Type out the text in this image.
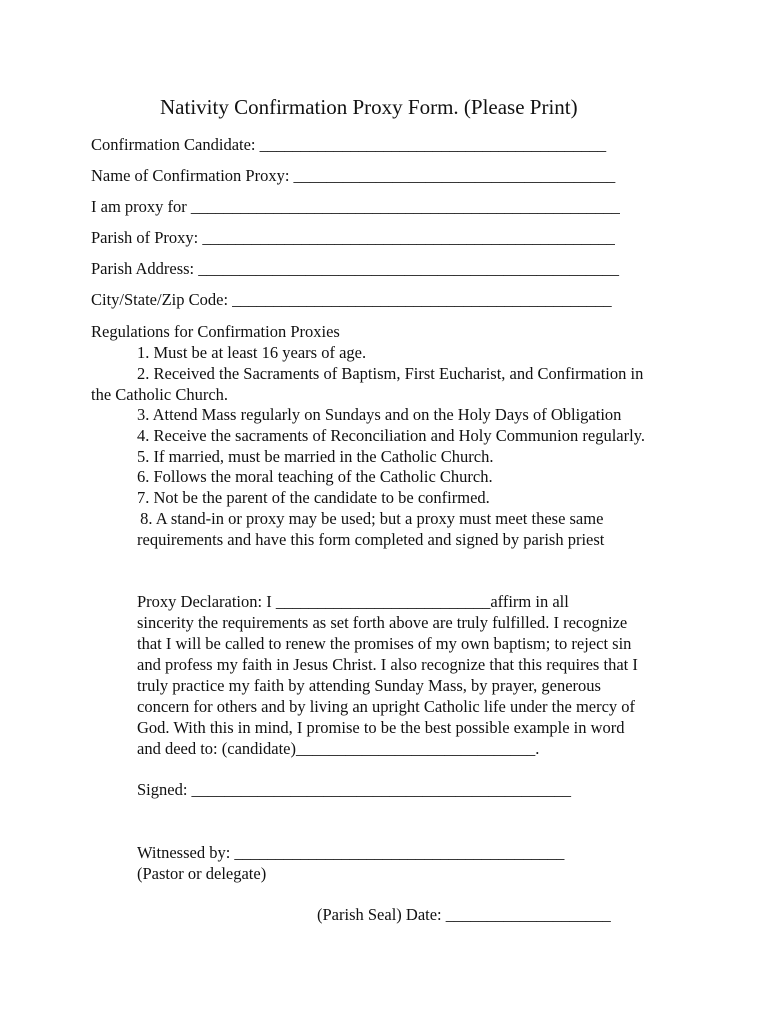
Nativity Confirmation Proxy Form. (Please Print)
Confirmation Candidate: __________________________________________
Name of Confirmation Proxy: _______________________________________
I am proxy for ____________________________________________________
Parish of Proxy: __________________________________________________
Parish Address: ___________________________________________________
City/State/Zip Code: ______________________________________________
Regulations for Confirmation Proxies
1. Must be at least 16 years of age.
2. Received the Sacraments of Baptism, First Eucharist, and Confirmation in
the Catholic Church.
3. Attend Mass regularly on Sundays and on the Holy Days of Obligation
4. Receive the sacraments of Reconciliation and Holy Communion regularly.
5. If married, must be married in the Catholic Church.
6. Follows the moral teaching of the Catholic Church.
7. Not be the parent of the candidate to be confirmed.
8. A stand-in or proxy may be used; but a proxy must meet these same
requirements and have this form completed and signed by parish priest
Proxy Declaration: I __________________________affirm in all
sincerity the requirements as set forth above are truly fulfilled. I recognize
that I will be called to renew the promises of my own baptism; to reject sin
and profess my faith in Jesus Christ. I also recognize that this requires that I
truly practice my faith by attending Sunday Mass, by prayer, generous
concern for others and by living an upright Catholic life under the mercy of
God. With this in mind, I promise to be the best possible example in word
and deed to: (candidate)_____________________________.
Signed: ______________________________________________
Witnessed by: ________________________________________
(Pastor or delegate)
(Parish Seal) Date: ____________________
